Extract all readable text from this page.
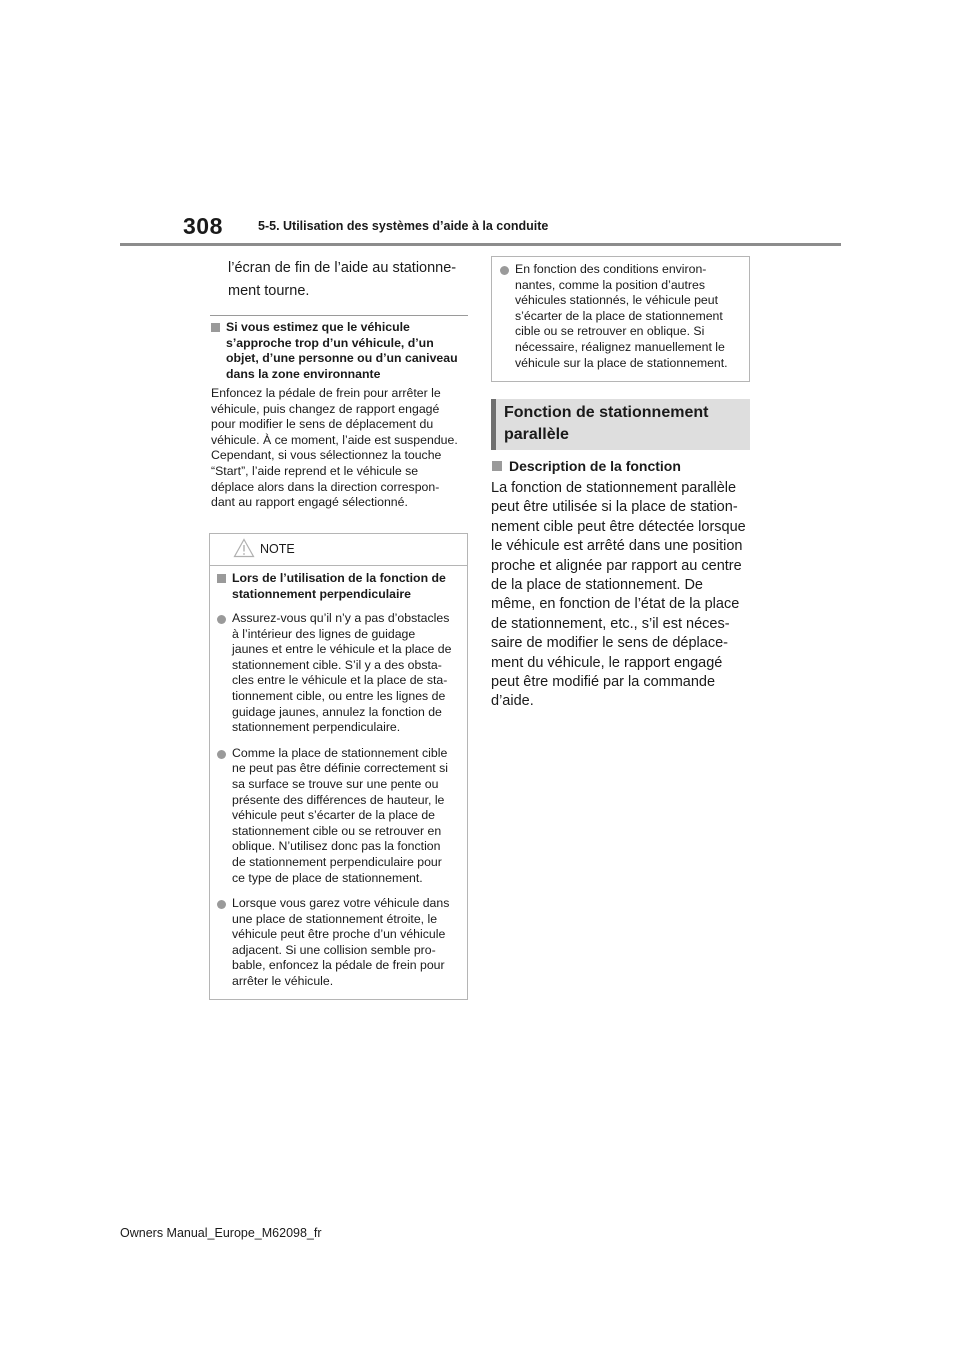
308	5-5. Utilisation des systèmes d’aide à la conduite
l’écran de fin de l’aide au stationne-
ment tourne.
Si vous estimez que le véhicule
s’approche trop d’un véhicule, d’un
objet, d’une personne ou d’un caniveau
dans la zone environnante
Enfoncez la pédale de frein pour arrêter le
véhicule, puis changez de rapport engagé
pour modifier le sens de déplacement du
véhicule. À ce moment, l’aide est suspendue.
Cependant, si vous sélectionnez la touche
“Start”, l’aide reprend et le véhicule se
déplace alors dans la direction correspon-
dant au rapport engagé sélectionné.
NOTE
Lors de l’utilisation de la fonction de
stationnement perpendiculaire
Assurez-vous qu’il n’y a pas d’obstacles
à l’intérieur des lignes de guidage
jaunes et entre le véhicule et la place de
stationnement cible. S’il y a des obsta-
cles entre le véhicule et la place de sta-
tionnement cible, ou entre les lignes de
guidage jaunes, annulez la fonction de
stationnement perpendiculaire.
Comme la place de stationnement cible
ne peut pas être définie correctement si
sa surface se trouve sur une pente ou
présente des différences de hauteur, le
véhicule peut s’écarter de la place de
stationnement cible ou se retrouver en
oblique. N’utilisez donc pas la fonction
de stationnement perpendiculaire pour
ce type de place de stationnement.
Lorsque vous garez votre véhicule dans
une place de stationnement étroite, le
véhicule peut être proche d’un véhicule
adjacent. Si une collision semble pro-
bable, enfoncez la pédale de frein pour
arrêter le véhicule.
En fonction des conditions environ-
nantes, comme la position d’autres
véhicules stationnés, le véhicule peut
s’écarter de la place de stationnement
cible ou se retrouver en oblique. Si
nécessaire, réalignez manuellement le
véhicule sur la place de stationnement.
Fonction de stationnement
parallèle
Description de la fonction
La fonction de stationnement parallèle
peut être utilisée si la place de station-
nement cible peut être détectée lorsque
le véhicule est arrêté dans une position
proche et alignée par rapport au centre
de la place de stationnement. De
même, en fonction de l’état de la place
de stationnement, etc., s’il est néces-
saire de modifier le sens de déplace-
ment du véhicule, le rapport engagé
peut être modifié par la commande
d’aide.
Owners Manual_Europe_M62098_fr
